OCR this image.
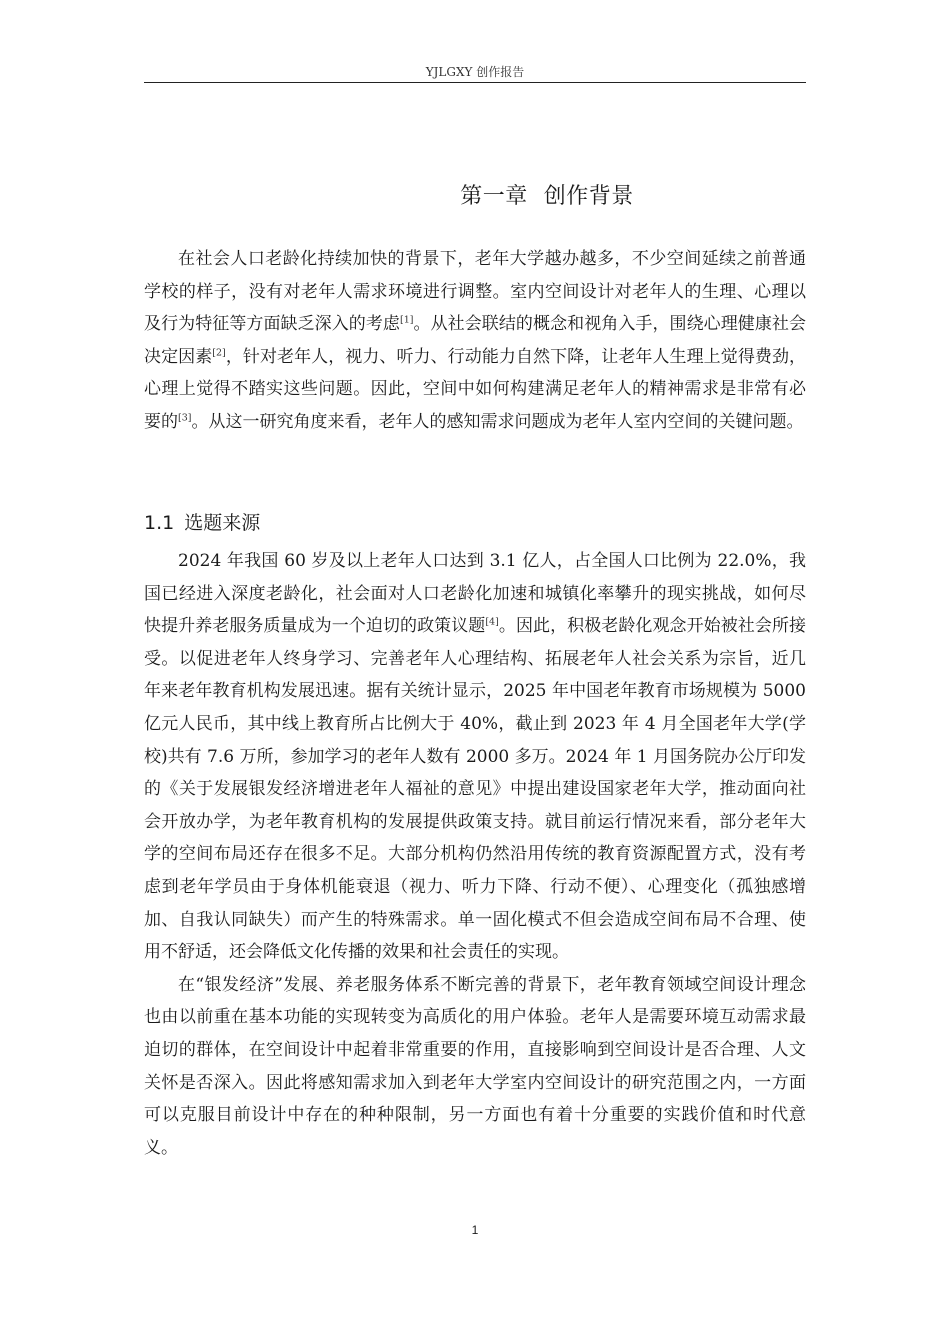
YJLGXY 创作报告
第一章 创作背景

在社会人口老龄化持续加快的背景下，老年大学越办越多，不少空间延续之前普通学校的样子，没有对老年人需求环境进行调整。室内空间设计对老年人的生理、心理以及行为特征等方面缺乏深入的考虑[1]。从社会联结的概念和视角入手，围绕心理健康社会决定因素[2]，针对老年人，视力、听力、行动能力自然下降，让老年人生理上觉得费劲，心理上觉得不踏实这些问题。因此，空间中如何构建满足老年人的精神需求是非常有必要的[3]。从这一研究角度来看，老年人的感知需求问题成为老年人室内空间的关键问题。

1.1 选题来源

2024 年我国 60 岁及以上老年人口达到 3.1 亿人，占全国人口比例为 22.0%，我国已经进入深度老龄化，社会面对人口老龄化加速和城镇化率攀升的现实挑战，如何尽快提升养老服务质量成为一个迫切的政策议题[4]。因此，积极老龄化观念开始被社会所接受。以促进老年人终身学习、完善老年人心理结构、拓展老年人社会关系为宗旨，近几年来老年教育机构发展迅速。据有关统计显示，2025 年中国老年教育市场规模为 5000 亿元人民币，其中线上教育所占比例大于 40%，截止到 2023 年 4 月全国老年大学(学校)共有 7.6 万所，参加学习的老年人数有 2000 多万。2024 年 1 月国务院办公厅印发的《关于发展银发经济增进老年人福祉的意见》中提出建设国家老年大学，推动面向社会开放办学，为老年教育机构的发展提供政策支持。就目前运行情况来看，部分老年大学的空间布局还存在很多不足。大部分机构仍然沿用传统的教育资源配置方式，没有考虑到老年学员由于身体机能衰退（视力、听力下降、行动不便）、心理变化（孤独感增加、自我认同缺失）而产生的特殊需求。单一固化模式不但会造成空间布局不合理、使用不舒适，还会降低文化传播的效果和社会责任的实现。

在“银发经济”发展、养老服务体系不断完善的背景下，老年教育领域空间设计理念也由以前重在基本功能的实现转变为高质化的用户体验。老年人是需要环境互动需求最迫切的群体，在空间设计中起着非常重要的作用，直接影响到空间设计是否合理、人文关怀是否深入。因此将感知需求加入到老年大学室内空间设计的研究范围之内，一方面可以克服目前设计中存在的种种限制，另一方面也有着十分重要的实践价值和时代意义。

1
